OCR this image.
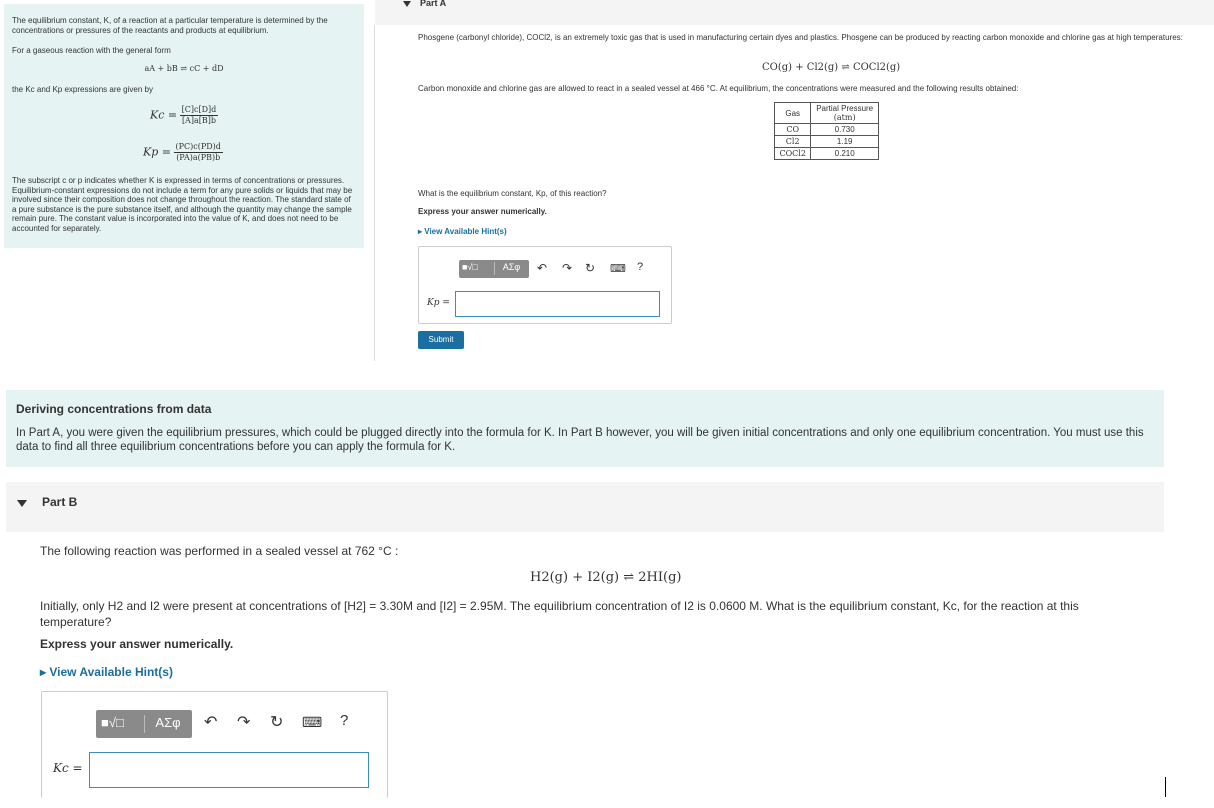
The equilibrium constant, K, of a reaction at a particular temperature is determined by the concentrations or pressures of the reactants and products at equilibrium.
For a gaseous reaction with the general form
aA + bB ⇌ cC + dD
the Kc and Kp expressions are given by
$Kc = \frac{[C]c[D]d}{[A]a[B]b}$
$Kp = \frac{(PC)c(PD)d}{(PA)a(PB)b}$
The subscript c or p indicates whether K is expressed in terms of concentrations or pressures. Equilibrium-constant expressions do not include a term for any pure solids or liquids that may be involved since their composition does not change throughout the reaction. The standard state of a pure substance is the pure substance itself, and although the quantity may change the sample remain pure. The constant value is incorporated into the value of K, and does not need to be accounted for separately.
Part A
Phosgene (carbonyl chloride), COCl2, is an extremely toxic gas that is used in manufacturing certain dyes and plastics. Phosgene can be produced by reacting carbon monoxide and chlorine gas at high temperatures:
CO(g) + Cl2(g) ⇌ COCl2(g)
Carbon monoxide and chlorine gas are allowed to react in a sealed vessel at 466 °C. At equilibrium, the concentrations were measured and the following results obtained:
Gas	Partial Pressure
(atm)
CO	0.730
Cl2	1.19
COCl2	0.210
What is the equilibrium constant, Kp, of this reaction?
Express your answer numerically.
▸ View Available Hint(s)
■√□	ΑΣφ	↶ ↷ ↻ ⌨ ?
Kp =
Submit
Deriving concentrations from data
In Part A, you were given the equilibrium pressures, which could be plugged directly into the formula for K. In Part B however, you will be given initial concentrations and only one equilibrium concentration. You must use this data to find all three equilibrium concentrations before you can apply the formula for K.
Part B
The following reaction was performed in a sealed vessel at 762 °C :
H2(g) + I2(g) ⇌ 2HI(g)
Initially, only H2 and I2 were present at concentrations of [H2] = 3.30M and [I2] = 2.95M. The equilibrium concentration of I2 is 0.0600 M. What is the equilibrium constant, Kc, for the reaction at this temperature?
Express your answer numerically.
▸ View Available Hint(s)
■√□	ΑΣφ	↶ ↷ ↻ ⌨ ?
Kc =
